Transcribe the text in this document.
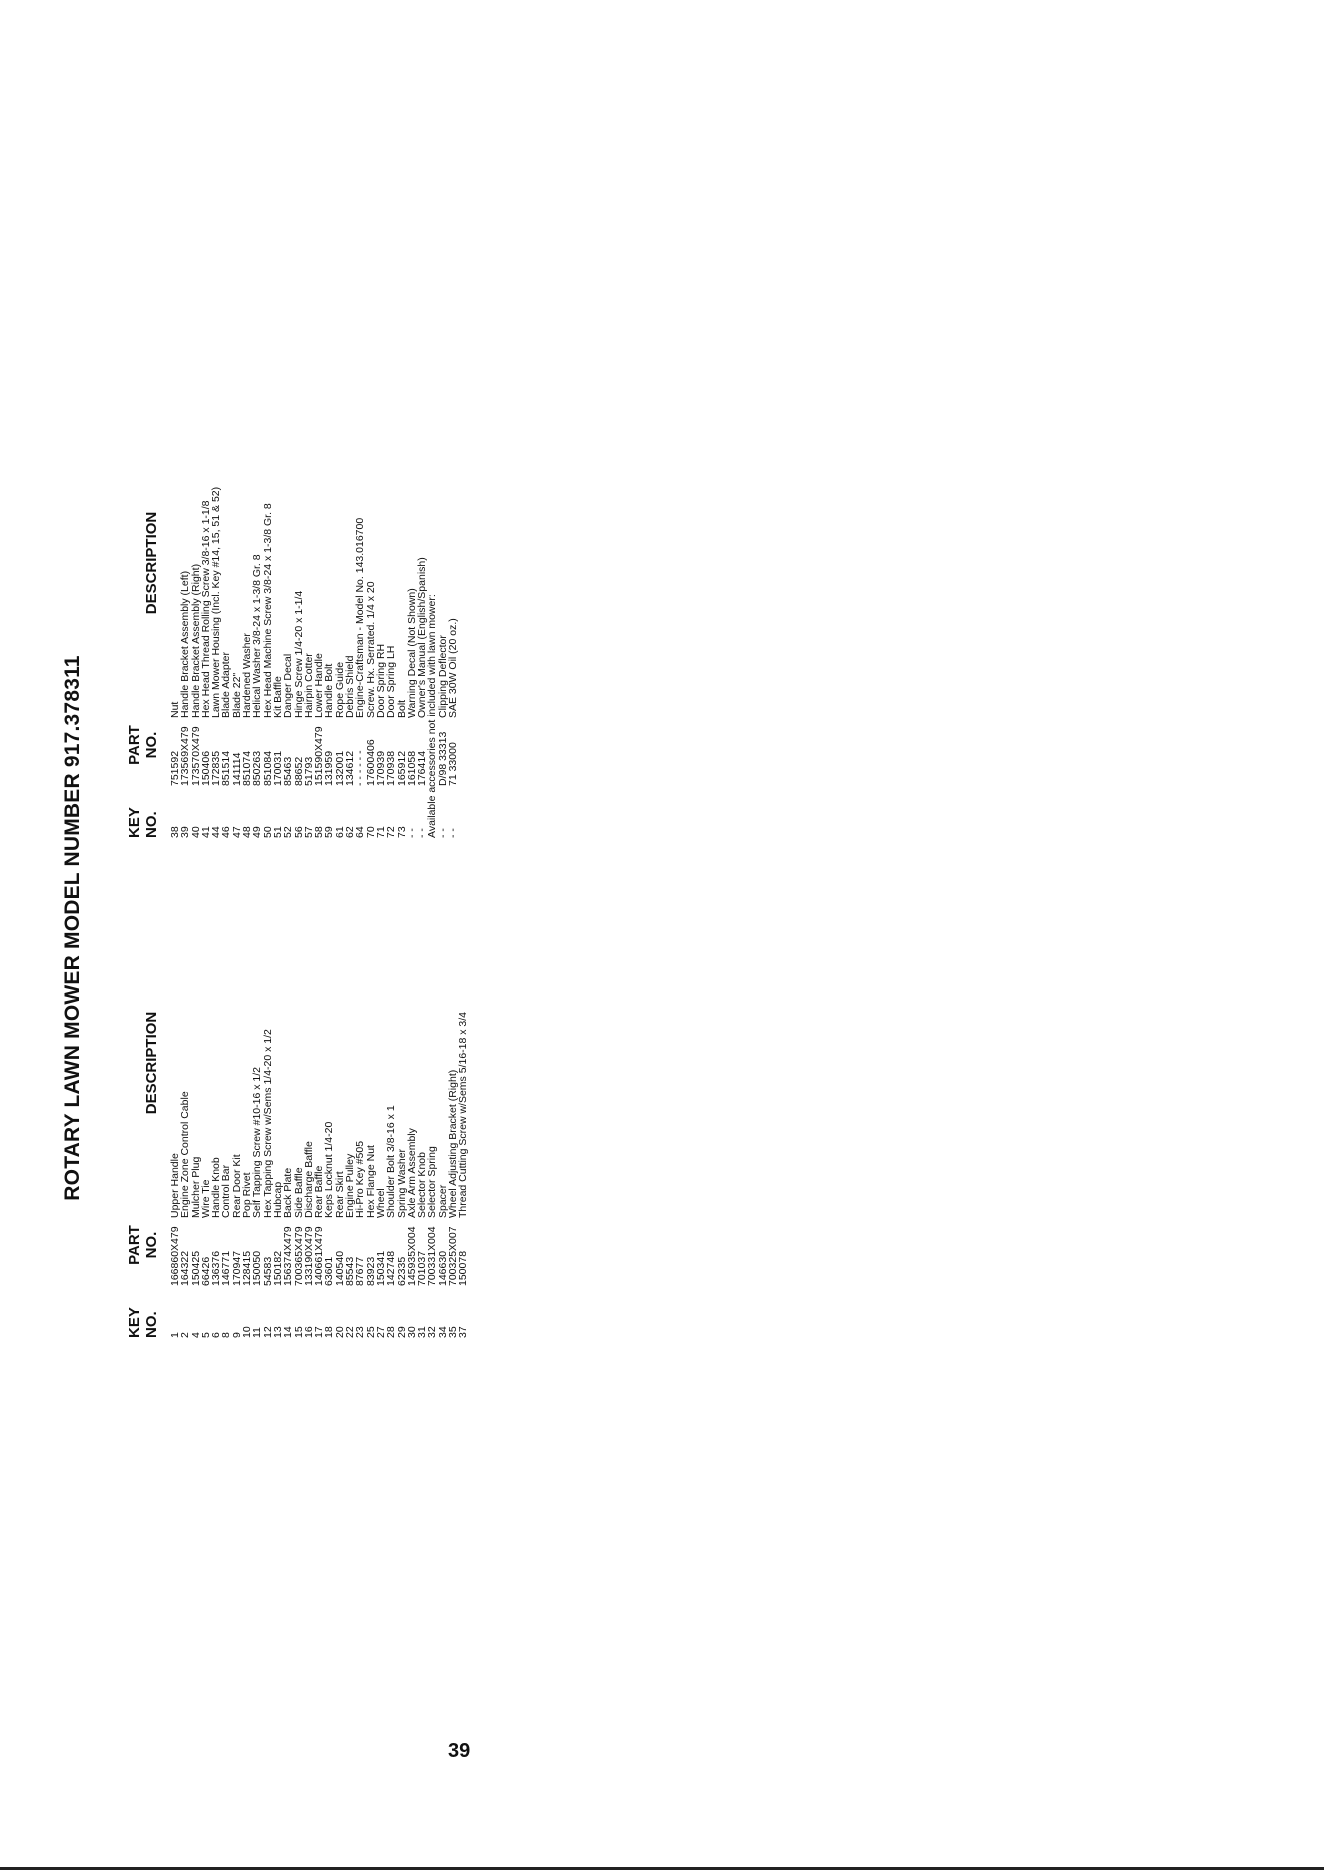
ROTARY LAWN MOWER MODEL NUMBER 917.378311
KEY NO.
PART NO.
DESCRIPTION
1
166860X479
Upper Handle
2
164322
Engine Zone Control Cable
4
150425
Mulcher Plug
5
66426
Wire Tie
6
136376
Handle Knob
8
146771
Control Bar
9
170947
Rear Door Kit
10
128415
Pop Rivet
11
150050
Self Tapping Screw #10-16 x 1/2
12
54583
Hex Tapping Screw w/Sems 1/4-20 x 1/2
13
150182
Hubcap
14
156374X479
Back Plate
15
700365X479
Side Baffle
16
133190X479
Discharge Baffle
17
140661X479
Rear Baffle
18
63601
Keps Locknut 1/4-20
20
140540
Rear Skirt
22
85543
Engine Pulley
23
87677
Hi-Pro Key #505
25
83923
Hex Flange Nut
27
150341
Wheel
28
142748
Shoulder Bolt 3/8-16 x 1
29
62335
Spring Washer
30
145935X004
Axle Arm Assembly
31
701037
Selector Knob
32
700331X004
Selector Spring
34
146630
Spacer
35
700325X007
Wheel Adjusting Bracket (Right)
37
150078
Thread Cutting Screw w/Sems 5/16-18 x 3/4
KEY NO.
PART NO.
DESCRIPTION
38
751592
Nut
39
173569X479
Handle Bracket Assembly (Left)
40
173570X479
Handle Bracket Assembly (Right)
41
150406
Hex Head Thread Rolling Screw 3/8-16 x 1-1/8
44
172835
Lawn Mower Housing (Incl. Key #14, 15, 51 & 52)
46
851514
Blade Adapter
47
141114
Blade 22"
48
851074
Hardened Washer
49
850263
Helical Washer 3/8-24 x 1-3/8 Gr. 8
50
851084
Hex Head Machine Screw 3/8-24 x 1-3/8 Gr. 8
51
170031
Kit Baffle
52
85463
Danger Decal
56
88652
Hinge Screw 1/4-20 x 1-1/4
57
51793
Hairpin Cotter
58
151590X479
Lower Handle
59
131959
Handle Bolt
61
132001
Rope Guide
62
134612
Debris Shield
64
- - - - - -
Engine-Craftsman - Model No. 143.016700
70
17600406
Screw. Hx. Serrated. 1/4 x 20
71
170939
Door Spring RH
72
170938
Door Spring LH
73
165912
Bolt
- -
161058
Warning Decal (Not Shown)
- -
176414
Owner's Manual (English/Spanish)
Available accessories not included with lawn mower:
- -
D/98 33313
Clipping Deflector
- -
71 33000
SAE 30W Oil (20 oz.)
39
